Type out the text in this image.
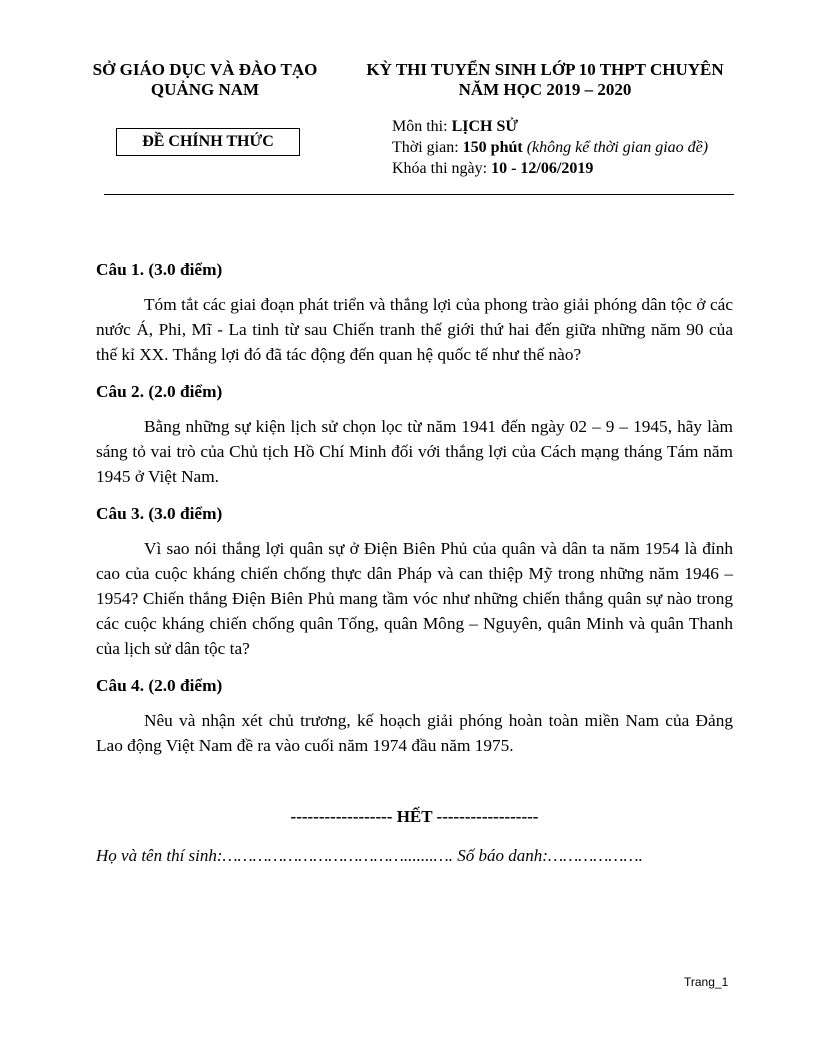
SỞ GIÁO DỤC VÀ ĐÀO TẠO
QUẢNG NAM
KỲ THI TUYỂN SINH LỚP 10 THPT CHUYÊN
NĂM HỌC 2019 – 2020
ĐỀ CHÍNH THỨC
Môn thi: LỊCH SỬ
Thời gian: 150 phút (không kể thời gian giao đề)
Khóa thi ngày: 10 - 12/06/2019

Câu 1. (3.0 điểm)

Tóm tắt các giai đoạn phát triển và thắng lợi của phong trào giải phóng dân tộc ở các nước Á, Phi, Mĩ - La tinh từ sau Chiến tranh thế giới thứ hai đến giữa những năm 90 của thế kỉ XX. Thắng lợi đó đã tác động đến quan hệ quốc tế như thế nào?

Câu 2. (2.0 điểm)

Bằng những sự kiện lịch sử chọn lọc từ năm 1941 đến ngày 02 – 9 – 1945, hãy làm sáng tỏ vai trò của Chủ tịch Hồ Chí Minh đối với thắng lợi của Cách mạng tháng Tám năm 1945 ở Việt Nam.

Câu 3. (3.0 điểm)

Vì sao nói thắng lợi quân sự ở Điện Biên Phủ của quân và dân ta năm 1954 là đỉnh cao của cuộc kháng chiến chống thực dân Pháp và can thiệp Mỹ trong những năm 1946 – 1954? Chiến thắng Điện Biên Phủ mang tầm vóc như những chiến thắng quân sự nào trong các cuộc kháng chiến chống quân Tống, quân Mông – Nguyên, quân Minh và quân Thanh của lịch sử dân tộc ta?

Câu 4. (2.0 điểm)

Nêu và nhận xét chủ trương, kế hoạch giải phóng hoàn toàn miền Nam của Đảng Lao động Việt Nam đề ra vào cuối năm 1974 đầu năm 1975.

------------------ HẾT ------------------
Họ và tên thí sinh:……………………………….......…. Số báo danh:……………….
Trang_1
